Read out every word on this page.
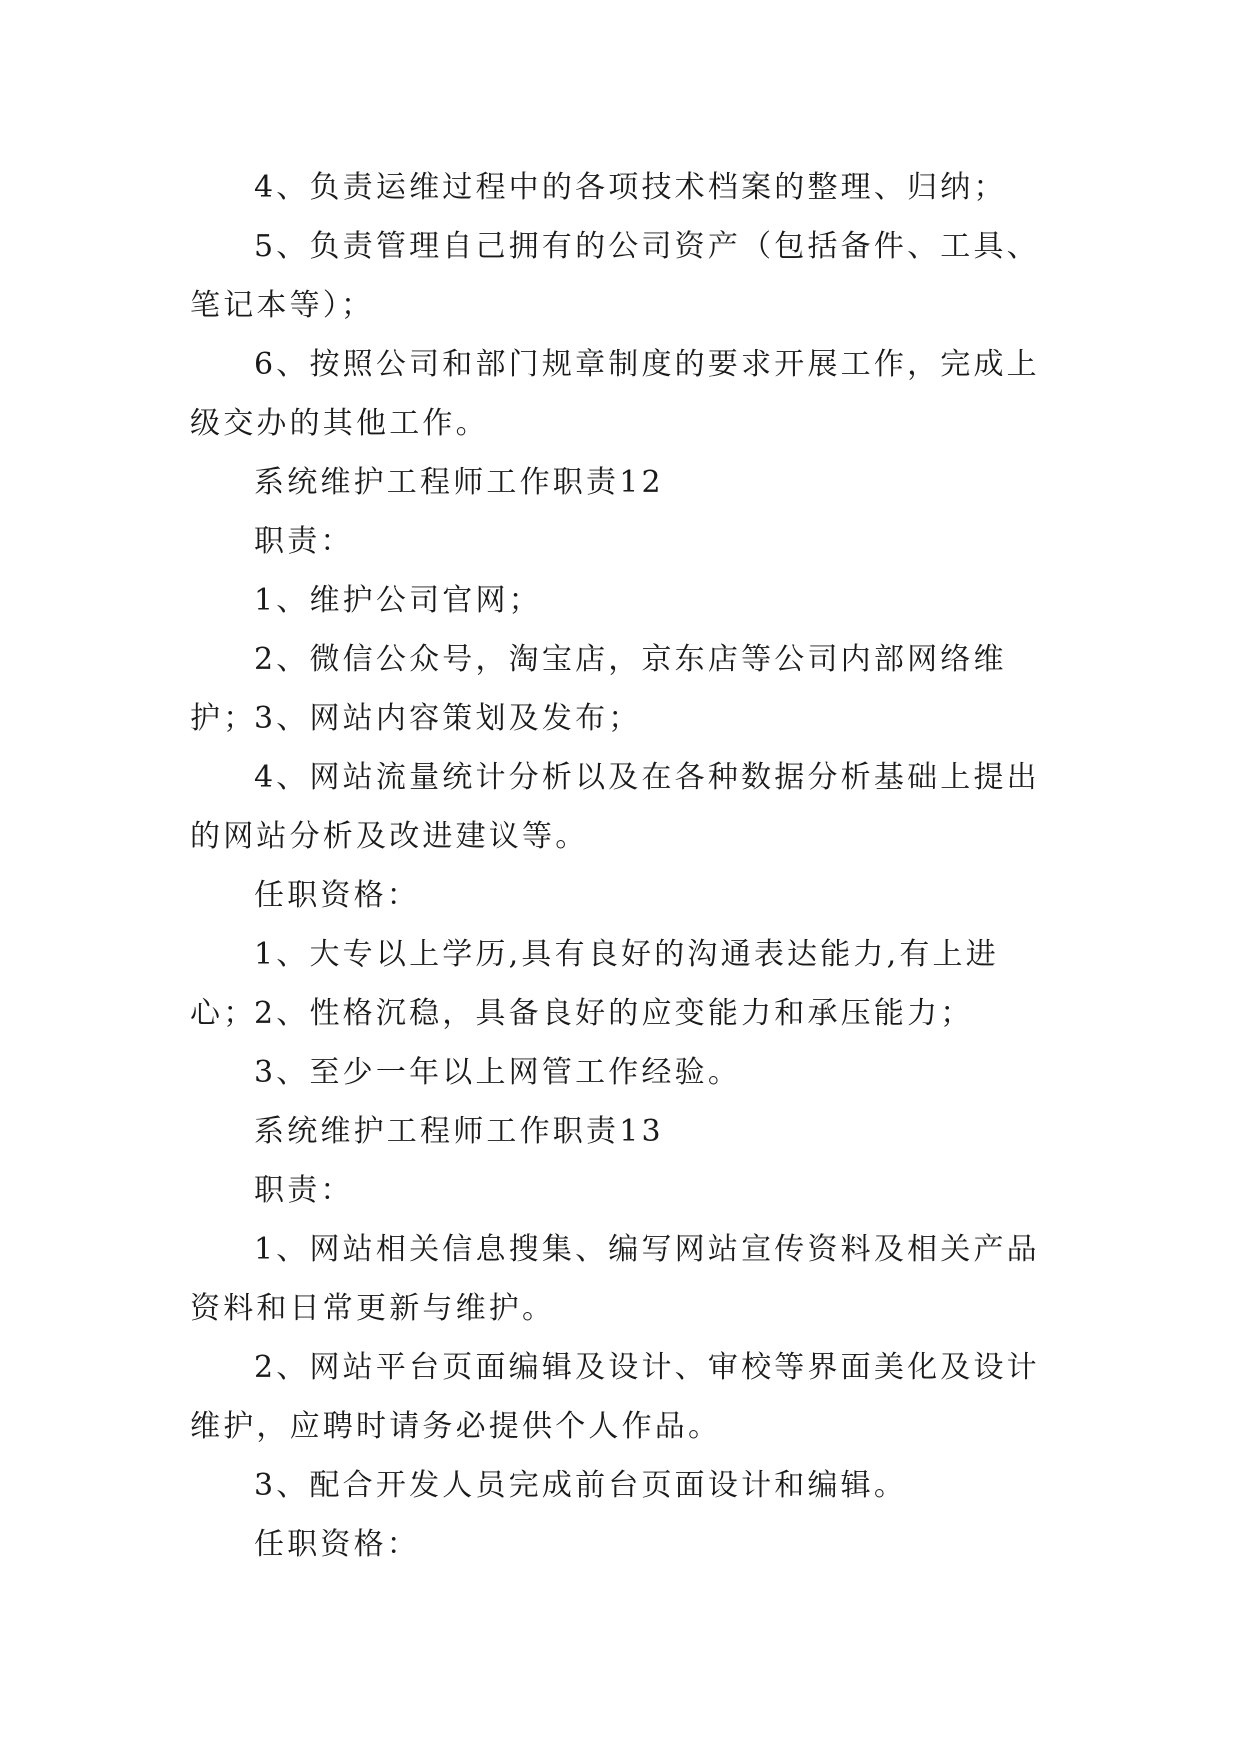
4、负责运维过程中的各项技术档案的整理、归纳；

5、负责管理自己拥有的公司资产（包括备件、工具、笔记本等）；

6、按照公司和部门规章制度的要求开展工作，完成上级交办的其他工作。

系统维护工程师工作职责12

职责：

1、维护公司官网；

2、微信公众号，淘宝店，京东店等公司内部网络维护；

3、网站内容策划及发布；

4、网站流量统计分析以及在各种数据分析基础上提出的网站分析及改进建议等。

任职资格：

1、大专以上学历,具有良好的沟通表达能力,有上进心；

2、性格沉稳，具备良好的应变能力和承压能力；

3、至少一年以上网管工作经验。

系统维护工程师工作职责13

职责：

1、网站相关信息搜集、编写网站宣传资料及相关产品资料和日常更新与维护。

2、网站平台页面编辑及设计、审校等界面美化及设计维护，应聘时请务必提供个人作品。

3、配合开发人员完成前台页面设计和编辑。

任职资格：
